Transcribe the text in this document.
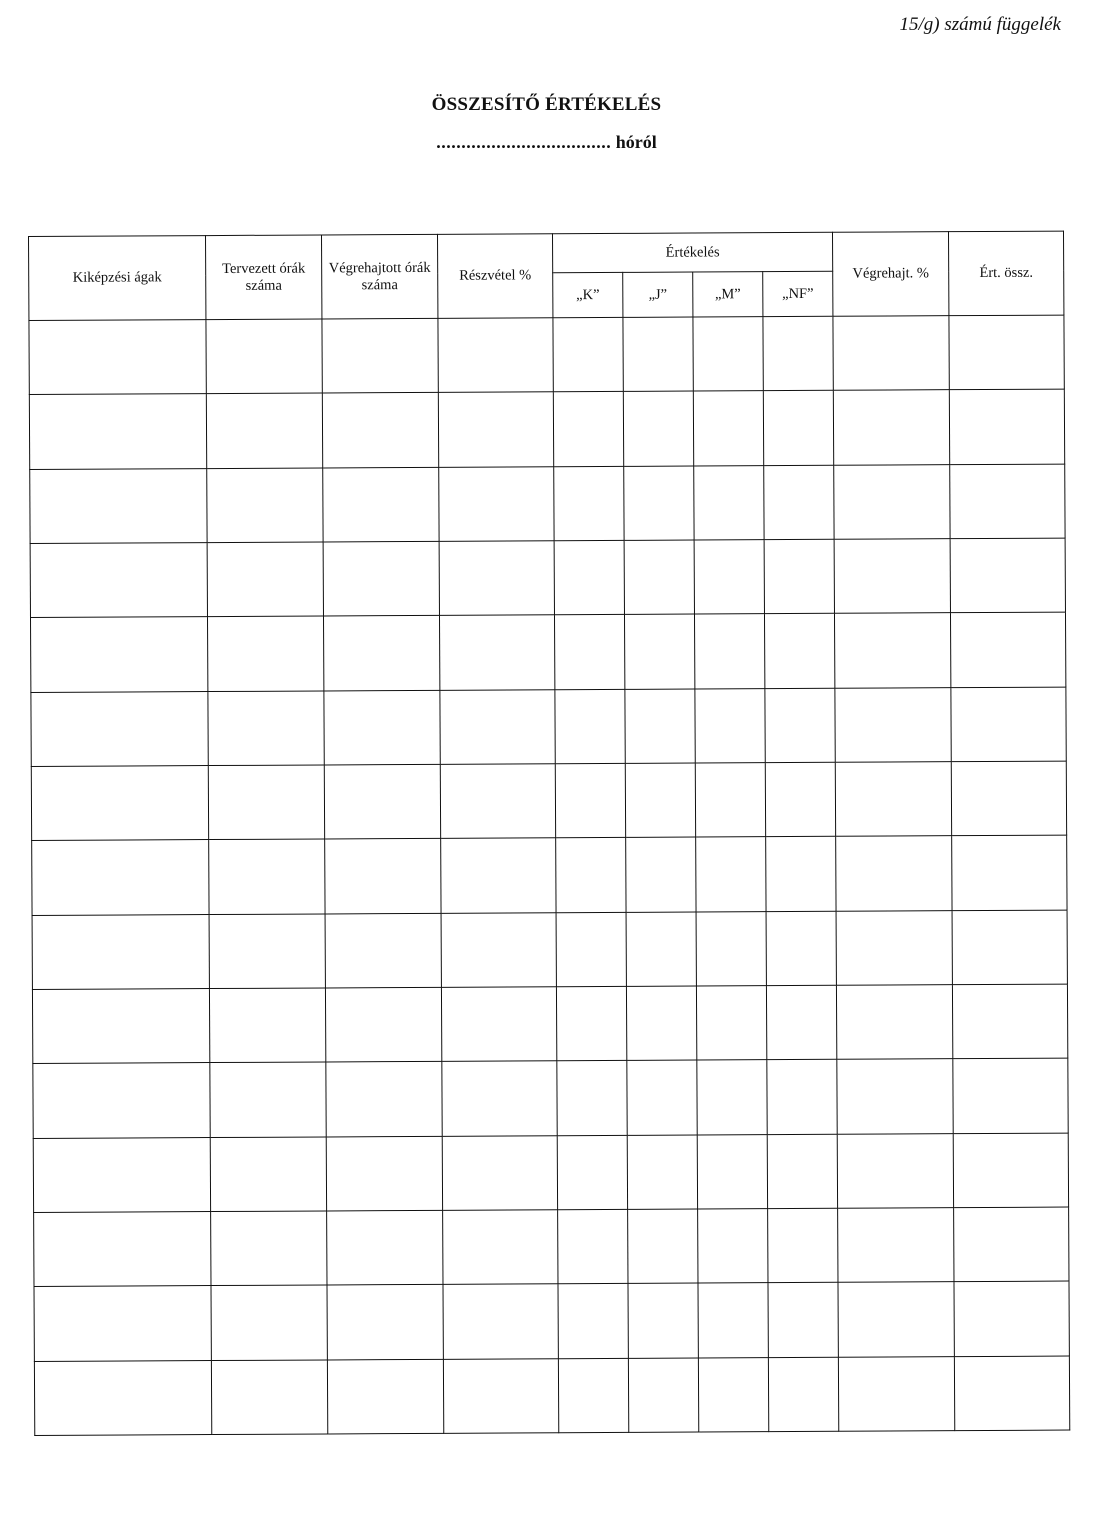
15/g) számú függelék

ÖSSZESÍTŐ ÉRTÉKELÉS

................................... hóról

Kiképzési ágak	Tervezett órák száma	Végrehajtott órák száma	Részvétel %	Értékelés				Végrehajt. %	Ért. össz.
				„K”	„J”	„M”	„NF”		
